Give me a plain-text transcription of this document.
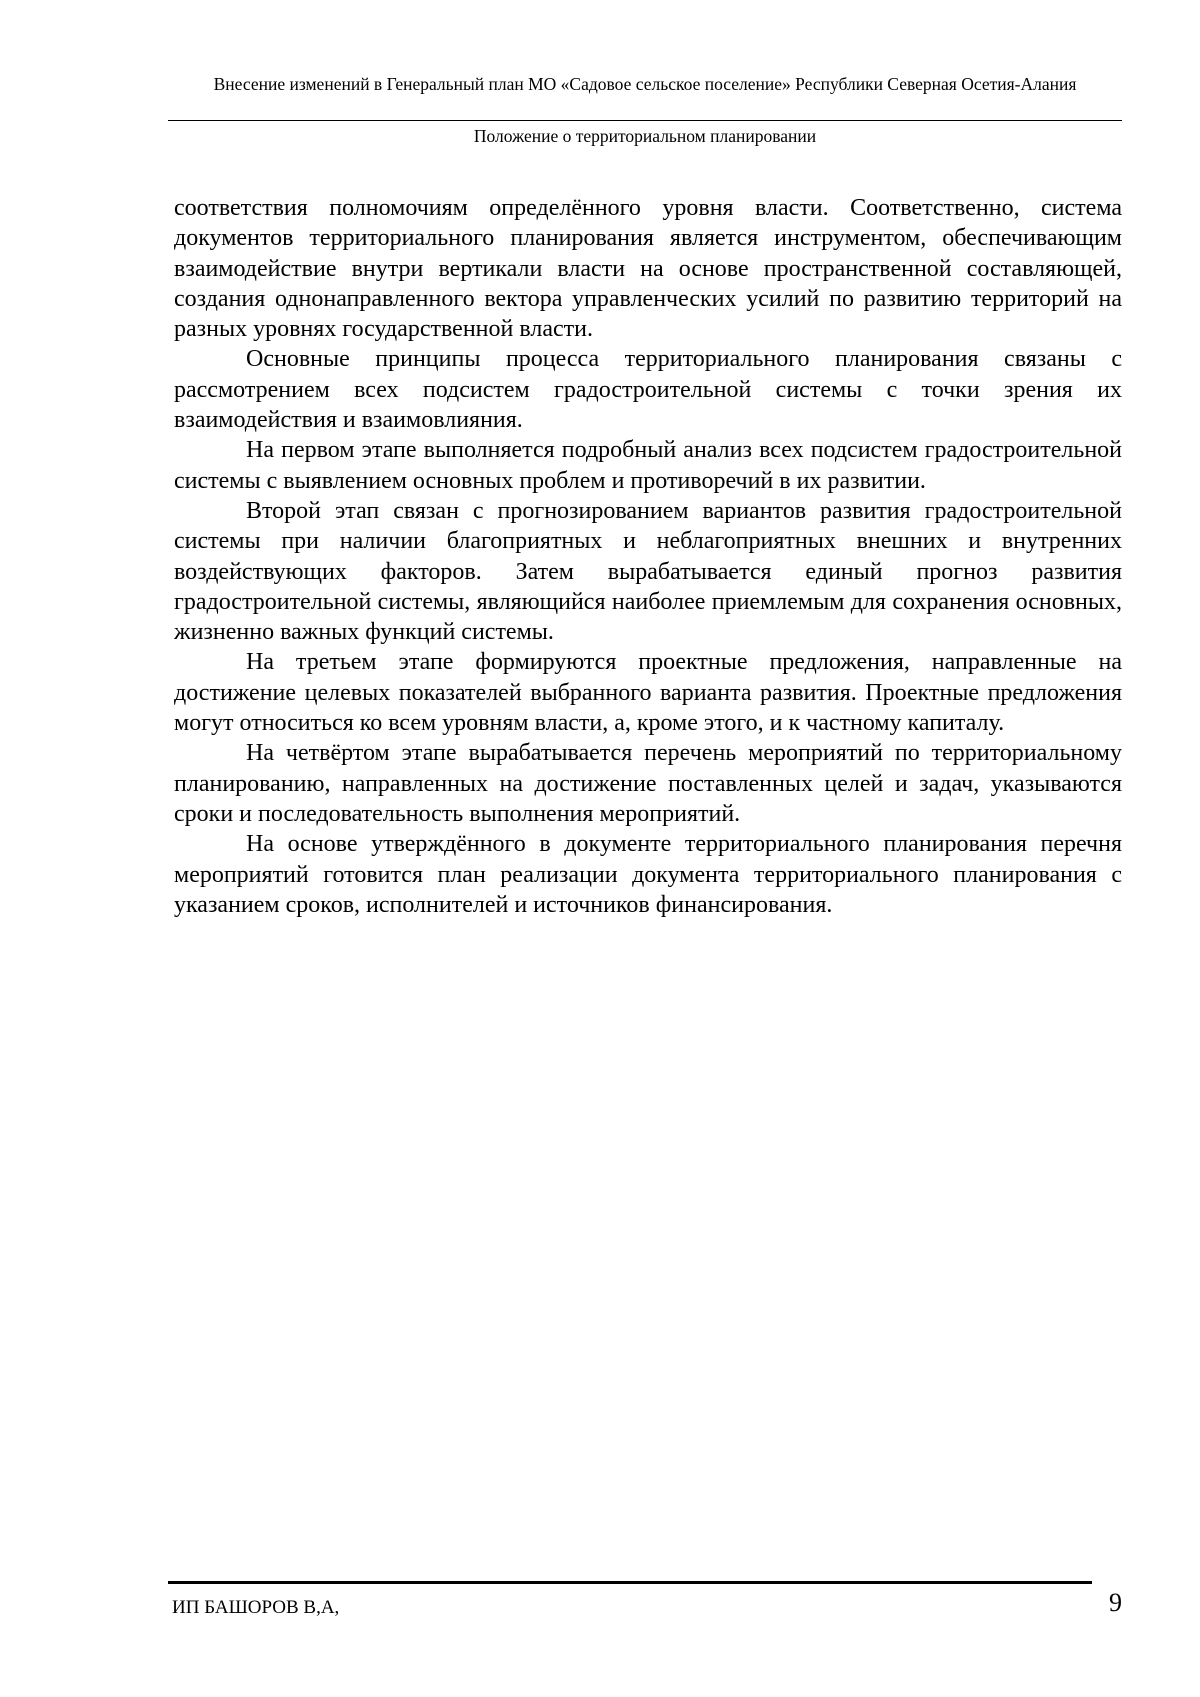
Внесение изменений в Генеральный план МО «Садовое сельское поселение» Республики Северная Осетия-Алания

Положение о территориальном планировании

соответствия полномочиям определённого уровня власти. Соответственно, система документов территориального планирования является инструментом, обеспечивающим взаимодействие внутри вертикали власти на основе пространственной составляющей, создания однонаправленного вектора управленческих усилий по развитию территорий на разных уровнях государственной власти.

Основные принципы процесса территориального планирования связаны с рассмотрением всех подсистем градостроительной системы с точки зрения их взаимодействия и взаимовлияния.

На первом этапе выполняется подробный анализ всех подсистем градостроительной системы с выявлением основных проблем и противоречий в их развитии.

Второй этап связан с прогнозированием вариантов развития градостроительной системы при наличии благоприятных и неблагоприятных внешних и внутренних воздействующих факторов. Затем вырабатывается единый прогноз развития градостроительной системы, являющийся наиболее приемлемым для сохранения основных, жизненно важных функций системы.

На третьем этапе формируются проектные предложения, направленные на достижение целевых показателей выбранного варианта развития. Проектные предложения могут относиться ко всем уровням власти, а, кроме этого, и к частному капиталу.

На четвёртом этапе вырабатывается перечень мероприятий по территориальному планированию, направленных на достижение поставленных целей и задач, указываются сроки и последовательность выполнения мероприятий.

На основе утверждённого в документе территориального планирования перечня мероприятий готовится план реализации документа территориального планирования с указанием сроков, исполнителей и источников финансирования.

ИП БАШОРОВ В,А,	9
